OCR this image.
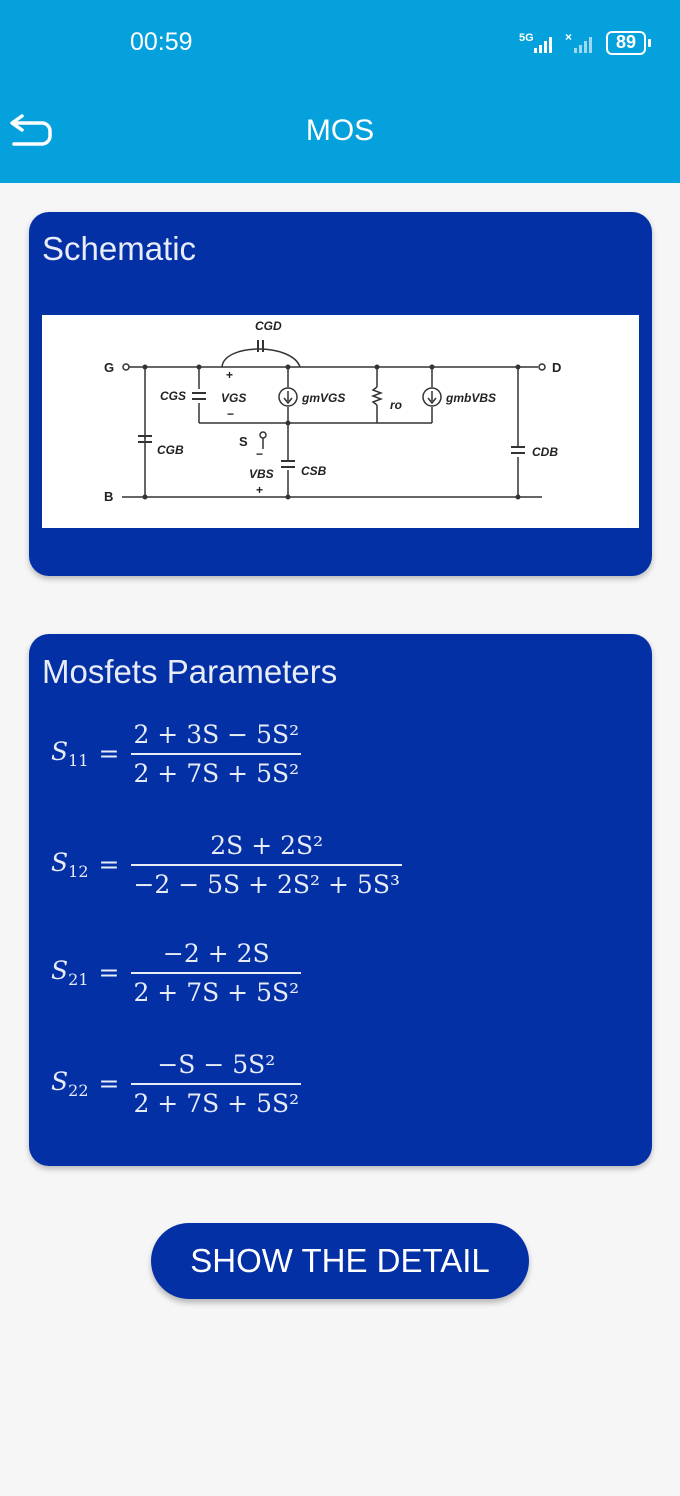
00:59	5G	×	89
MOS
Schematic
G	D
S
B
CGD
CGS
CGB
CSB
CDB
VGS
VBS
gmVGS	ro	gmbVBS
+
−
−
+
Mosfets Parameters
$S_{11} = \frac{\text{2 + 3S − 5S²}}{\text{2 + 7S + 5S²}}$
$S_{12} = \frac{\text{2S + 2S²}}{\text{−2 − 5S + 2S² + 5S³}}$
$S_{21} = \frac{-2 + 2S}{\text{2 + 7S + 5S²}}$
$S_{22} = \frac{\text{−S − 5S²}}{\text{2 + 7S + 5S²}}$
SHOW THE DETAIL
